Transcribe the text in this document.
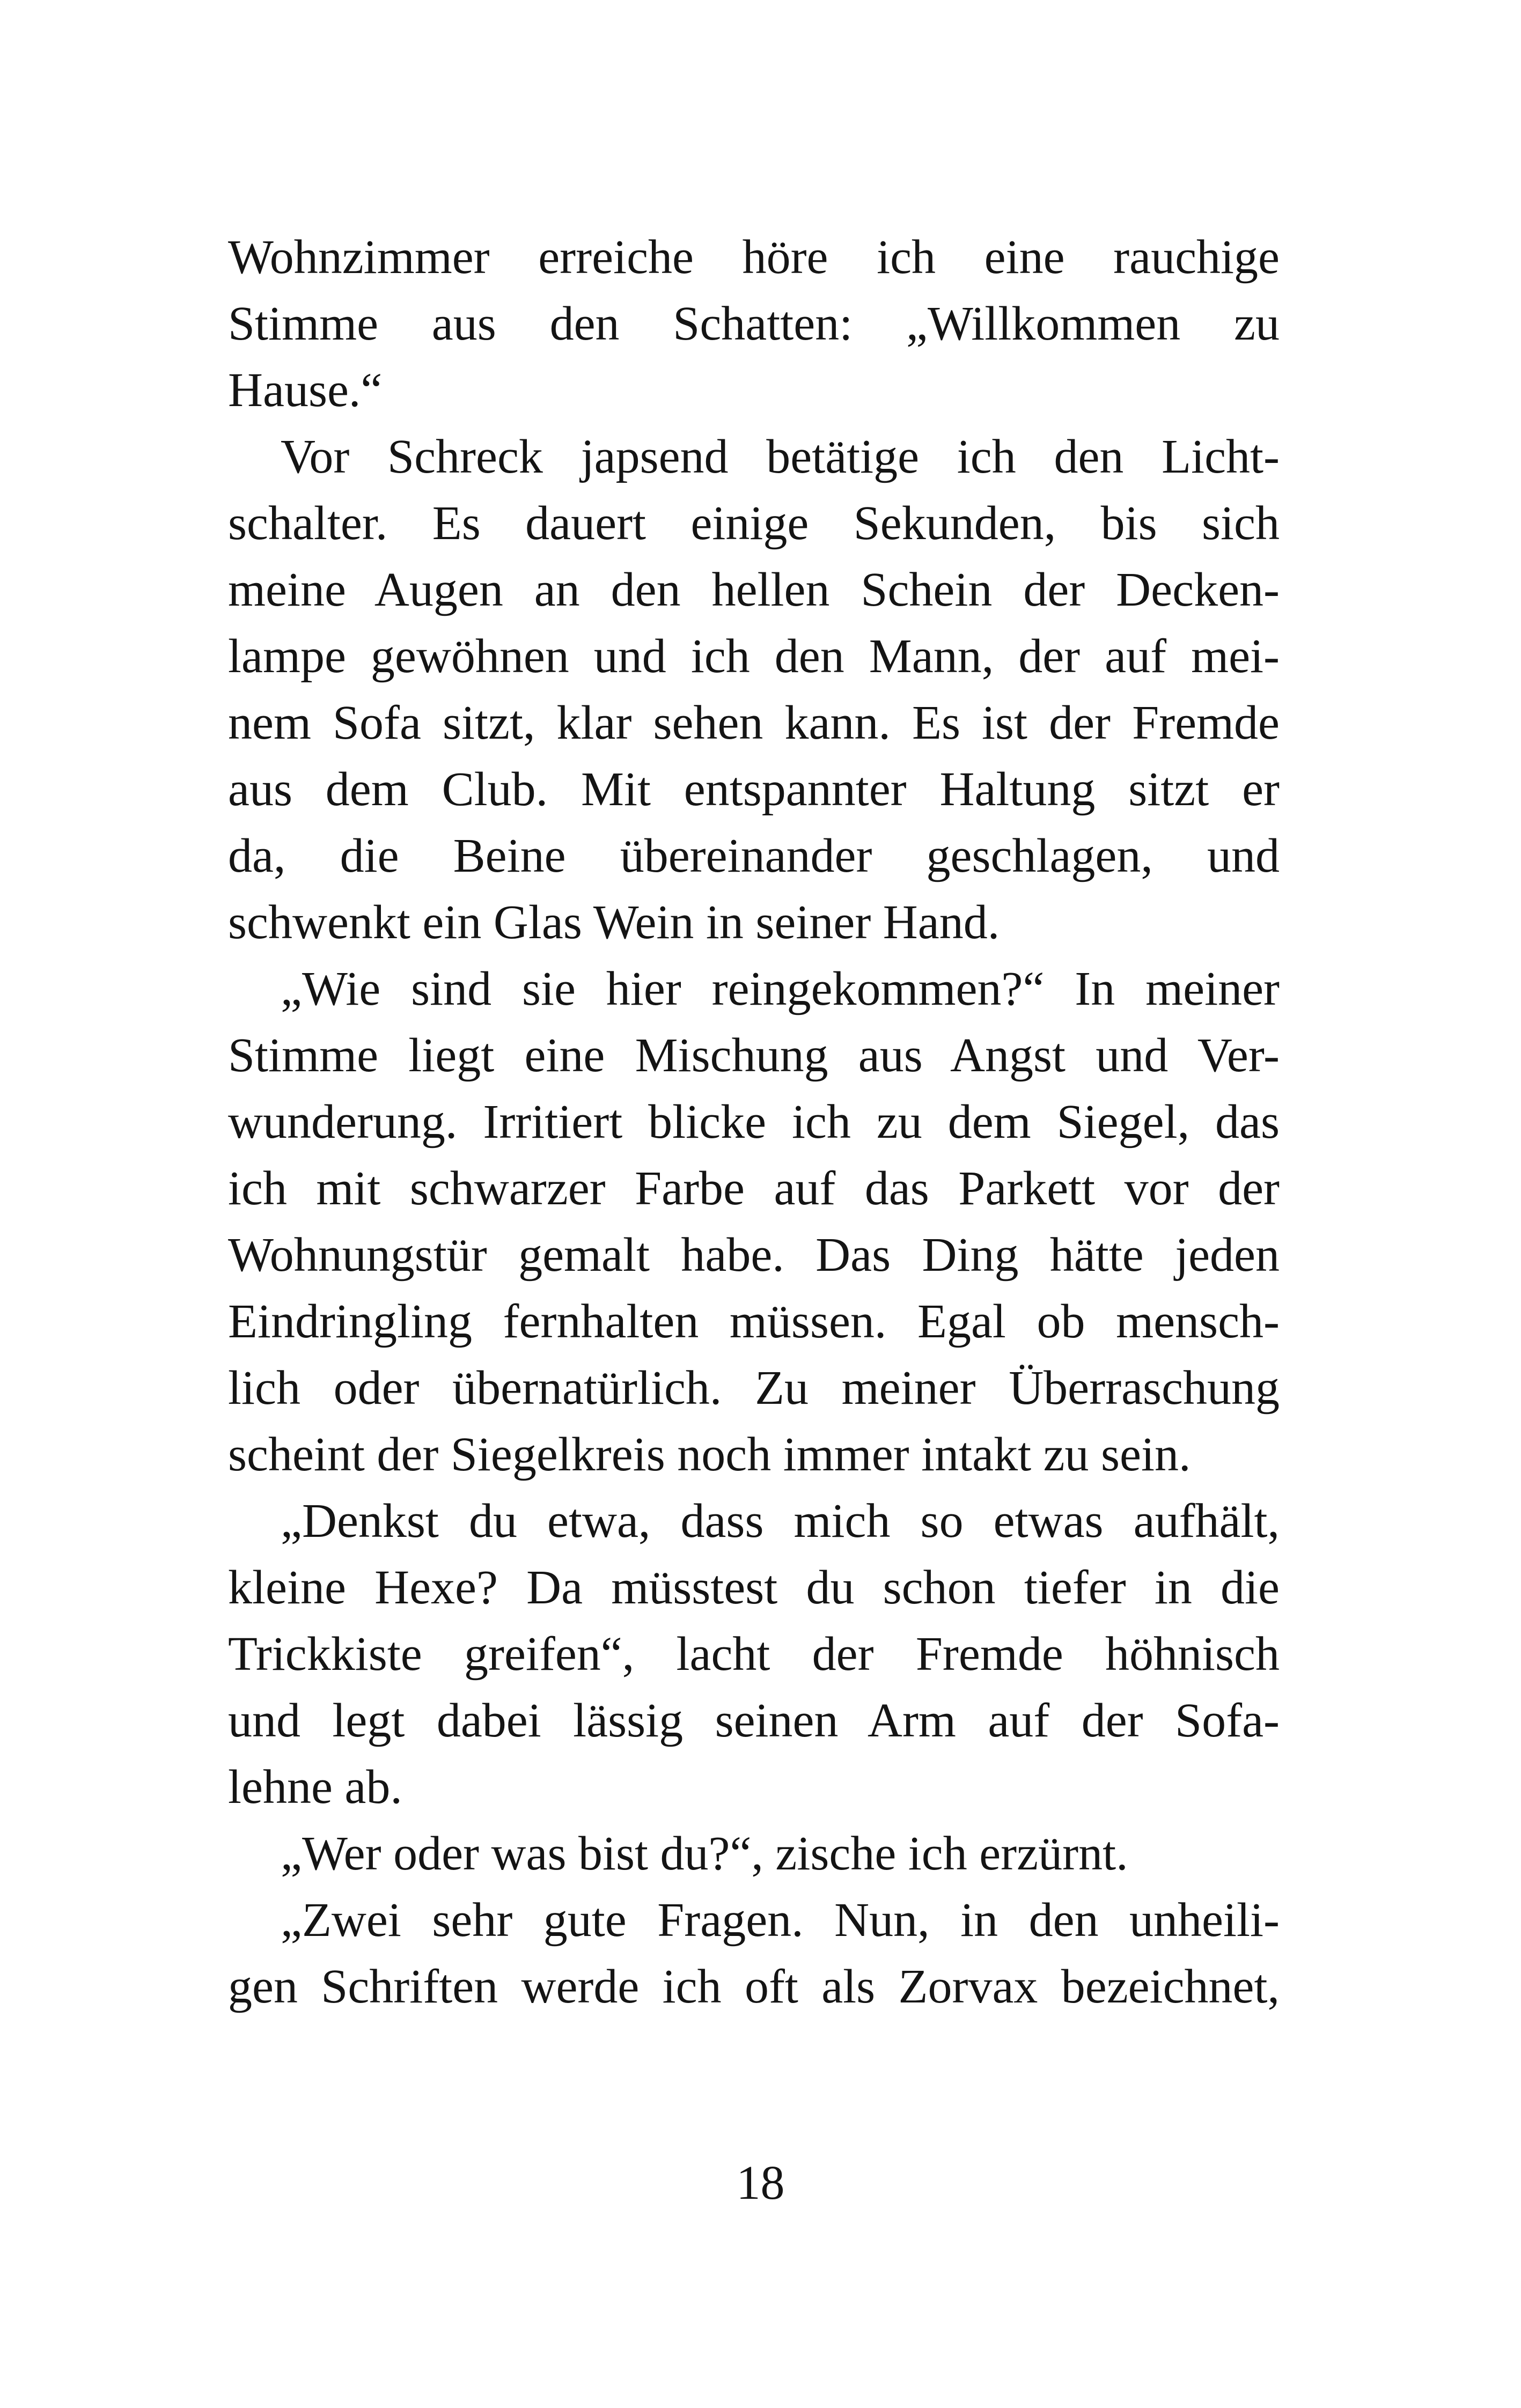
Wohnzimmer erreiche höre ich eine rauchige
Stimme aus den Schatten: „Willkommen zu
Hause.“
Vor Schreck japsend betätige ich den Licht-
schalter. Es dauert einige Sekunden, bis sich
meine Augen an den hellen Schein der Decken-
lampe gewöhnen und ich den Mann, der auf mei-
nem Sofa sitzt, klar sehen kann. Es ist der Fremde
aus dem Club. Mit entspannter Haltung sitzt er
da, die Beine übereinander geschlagen, und
schwenkt ein Glas Wein in seiner Hand.
„Wie sind sie hier reingekommen?“ In meiner
Stimme liegt eine Mischung aus Angst und Ver-
wunderung. Irritiert blicke ich zu dem Siegel, das
ich mit schwarzer Farbe auf das Parkett vor der
Wohnungstür gemalt habe. Das Ding hätte jeden
Eindringling fernhalten müssen. Egal ob mensch-
lich oder übernatürlich. Zu meiner Überraschung
scheint der Siegelkreis noch immer intakt zu sein.
„Denkst du etwa, dass mich so etwas aufhält,
kleine Hexe? Da müsstest du schon tiefer in die
Trickkiste greifen“, lacht der Fremde höhnisch
und legt dabei lässig seinen Arm auf der Sofa-
lehne ab.
„Wer oder was bist du?“, zische ich erzürnt.
„Zwei sehr gute Fragen. Nun, in den unheili-
gen Schriften werde ich oft als Zorvax bezeichnet,
18
